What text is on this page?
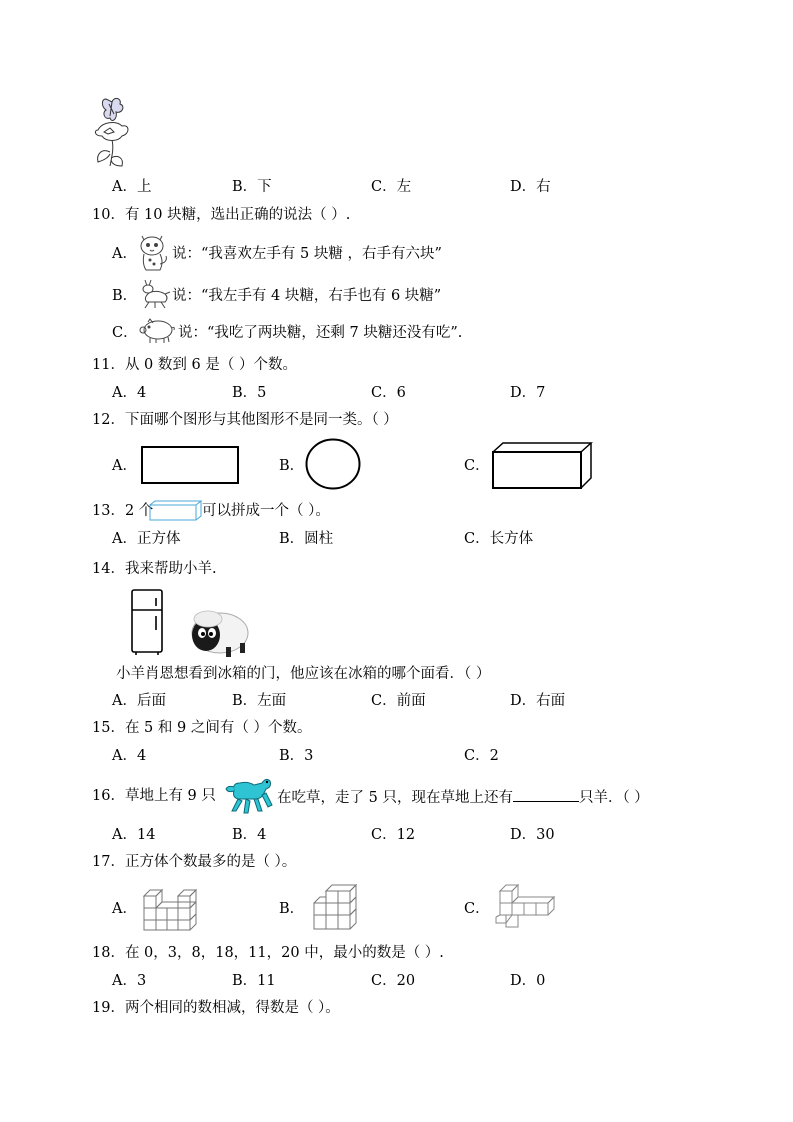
A．上	B．下	C．左	D．右
10．有 10 块糖，选出正确的说法（ ）.
A． 说：“我喜欢左手有 5 块糖 ，右手有六块”
B． 说：“我左手有 4 块糖，右手也有 6 块糖”
C．	说：“我吃了两块糖，还剩 7 块糖还没有吃”.
11．从 0 数到 6 是（ ）个数。
A．4	B．5	C．6	D．7
12．下面哪个图形与其他图形不是同一类。（ ）
A．	B．	C．
13．2 个	可以拼成一个（ ）。
A．正方体	B．圆柱	C．长方体
14．我来帮助小羊.
小羊肖恩想看到冰箱的门，他应该在冰箱的哪个面看．（ ）
A．后面	B．左面	C．前面	D．右面
15．在 5 和 9 之间有（ ）个数。
A．4	B．3	C．2
16．草地上有 9 只	在吃草，走了 5 只，现在草地上还有	只羊．（ ）
A．14	B．4	C．12	D．30
17．正方体个数最多的是（ ）。
A．	B．	C．
18．在 0，3，8，18，11，20 中，最小的数是（ ）.
A．3	B．11	C．20	D．0
19．两个相同的数相减，得数是（ ）。
